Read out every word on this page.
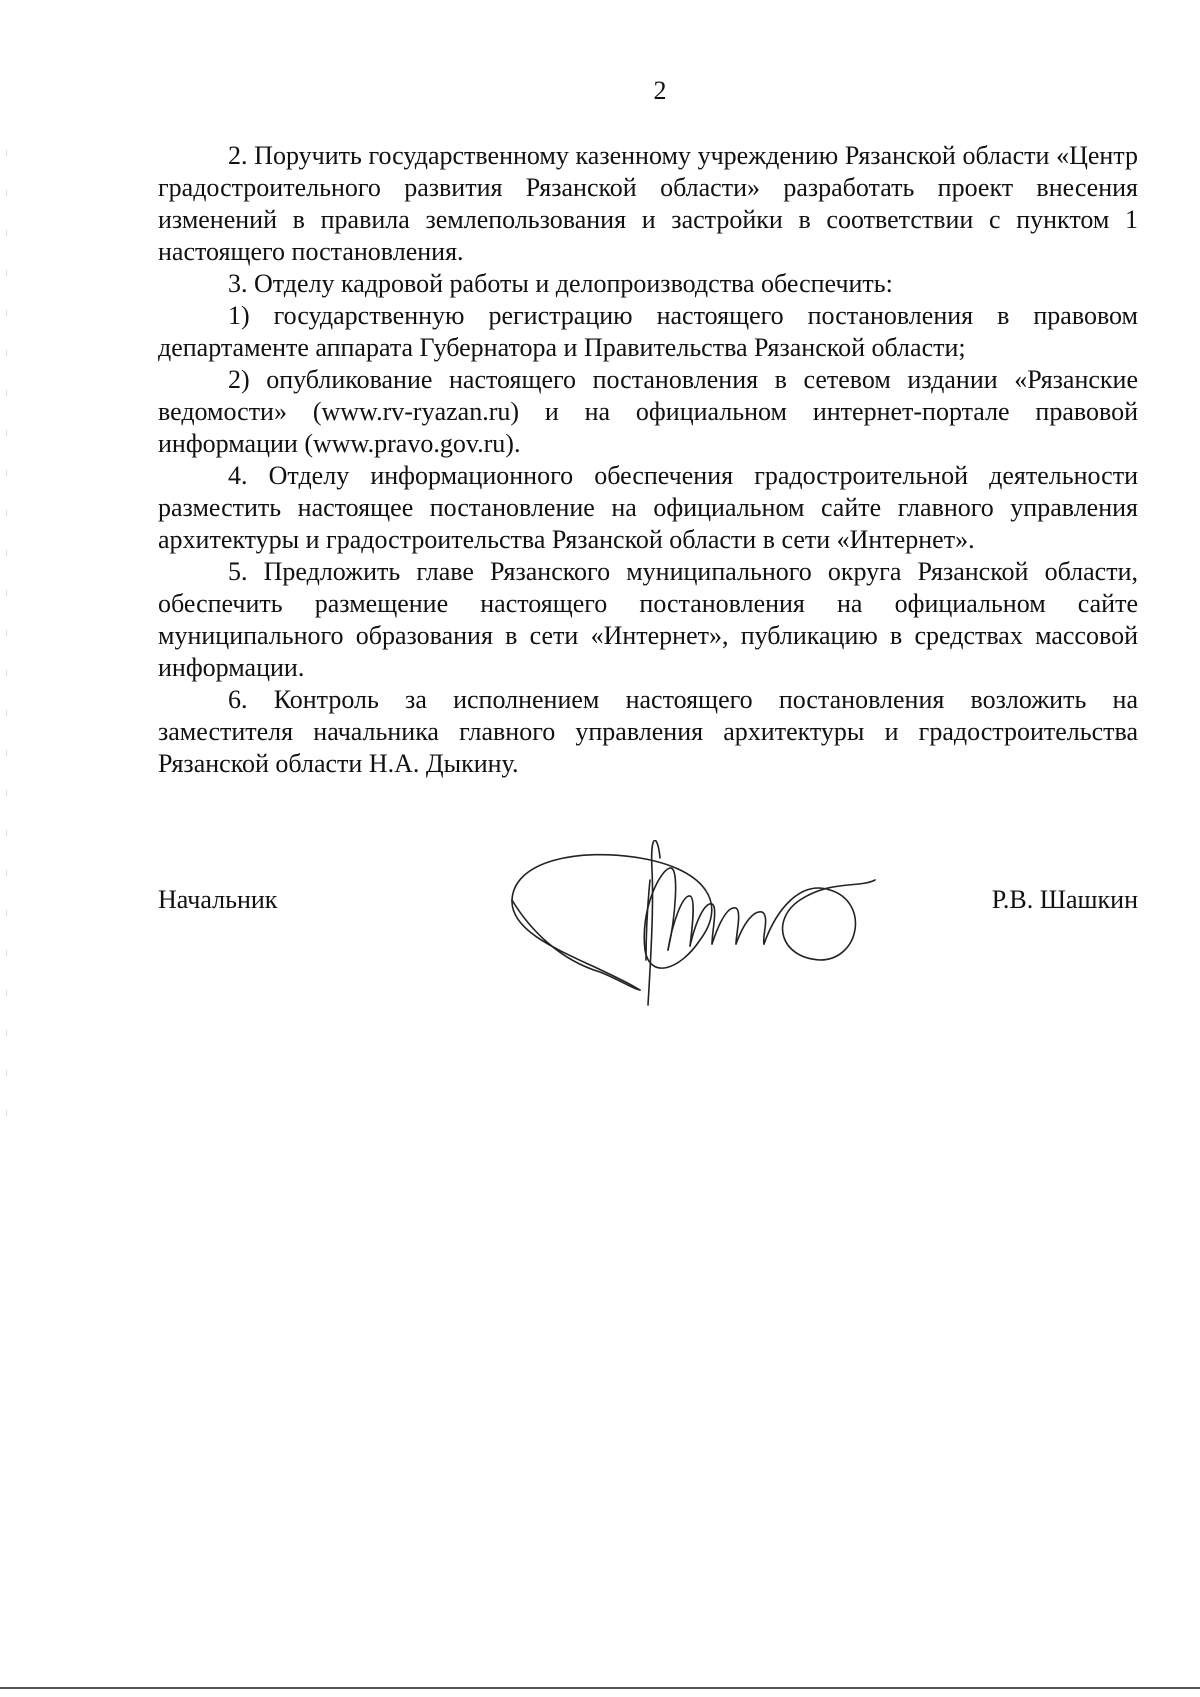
2

2. Поручить государственному казенному учреждению Рязанской области «Центр градостроительного развития Рязанской области» разработать проект внесения изменений в правила землепользования и застройки в соответствии с пунктом 1 настоящего постановления.

3. Отделу кадровой работы и делопроизводства обеспечить:

1) государственную регистрацию настоящего постановления в правовом департаменте аппарата Губернатора и Правительства Рязанской области;

2) опубликование настоящего постановления в сетевом издании «Рязанские ведомости» (www.rv-ryazan.ru) и на официальном интернет-портале правовой информации (www.pravo.gov.ru).

4. Отделу информационного обеспечения градостроительной деятельности разместить настоящее постановление на официальном сайте главного управления архитектуры и градостроительства Рязанской области в сети «Интернет».

5. Предложить главе Рязанского муниципального округа Рязанской области, обеспечить размещение настоящего постановления на официальном сайте муниципального образования в сети «Интернет», публикацию в средствах массовой информации.

6. Контроль за исполнением настоящего постановления возложить на заместителя начальника главного управления архитектуры и градостроительства Рязанской области Н.А. Дыкину.

Начальник	Р.В. Шашкин
